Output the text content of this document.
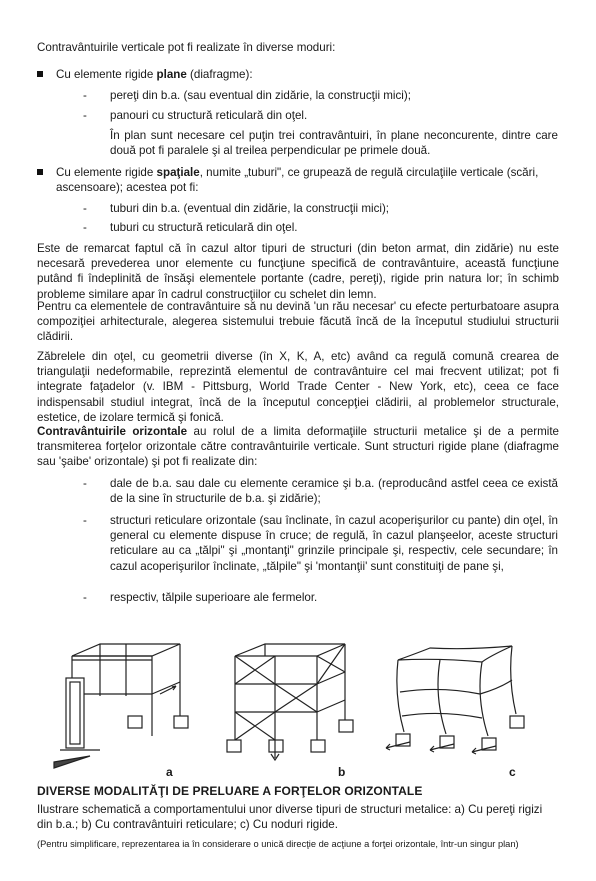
Contravântuirile verticale pot fi realizate în diverse moduri:

Cu elemente rigide plane (diafragme):
- pereţi din b.a. (sau eventual din zidărie, la construcţii mici);
- panouri cu structură reticulară din oţel.

În plan sunt necesare cel puţin trei contravântuiri, în plane neconcurente, dintre care două pot fi paralele şi al treilea perpendicular pe primele două.

Cu elemente rigide spaţiale, numite „tuburi", ce grupează de regulă circulaţiile verticale (scări, ascensoare); acestea pot fi:
- tuburi din b.a. (eventual din zidărie, la construcţii mici);
- tuburi cu structură reticulară din oţel.

Este de remarcat faptul că în cazul altor tipuri de structuri (din beton armat, din zidărie) nu este necesară prevederea unor elemente cu funcţiune specifică de contravântuire, această funcţiune putând fi îndeplinită de însăşi elementele portante (cadre, pereţi), rigide prin natura lor; în schimb probleme similare apar în cadrul construcţiilor cu schelet din lemn.

Pentru ca elementele de contravântuire să nu devină 'un rău necesar' cu efecte perturbatoare asupra compoziţiei arhitecturale, alegerea sistemului trebuie făcută încă de la începutul studiului structurii clădirii.

Zăbrelele din oţel, cu geometrii diverse (în X, K, A, etc) având ca regulă comună crearea de triangulaţii nedeformabile, reprezintă elementul de contravântuire cel mai frecvent utilizat; pot fi integrate faţadelor (v. IBM - Pittsburg, World Trade Center - New York, etc), ceea ce face indispensabil studiul integrat, încă de la începutul concepţiei clădirii, al problemelor structurale, estetice, de izolare termică şi fonică.

Contravântuirile orizontale au rolul de a limita deformaţiile structurii metalice şi de a permite transmiterea forţelor orizontale către contravântuirile verticale. Sunt structuri rigide plane (diafragme sau 'şaibe' orizontale) şi pot fi realizate din:

- dale de b.a. sau dale cu elemente ceramice şi b.a. (reproducând astfel ceea ce există de la sine în structurile de b.a. şi zidărie);
- structuri reticulare orizontale (sau înclinate, în cazul acoperişurilor cu pante) din oţel, în general cu elemente dispuse în cruce; de regulă, în cazul planşeelor, aceste structuri reticulare au ca „tălpi" şi „montanţi" grinzile principale şi, respectiv, cele secundare; în cazul acoperişurilor înclinate, „tălpile" şi 'montanţii' sunt constituiţi de pane şi,
- respectiv, tălpile superioare ale fermelor.
a	b	c
DIVERSE MODALITĂŢI DE PRELUARE A FORŢELOR ORIZONTALE
Ilustrare schematică a comportamentului unor diverse tipuri de structuri metalice: a) Cu pereţi rigizi din b.a.; b) Cu contravântuiri reticulare; c) Cu noduri rigide.
(Pentru simplificare, reprezentarea ia în considerare o unică direcţie de acţiune a forţei orizontale, într-un singur plan)
